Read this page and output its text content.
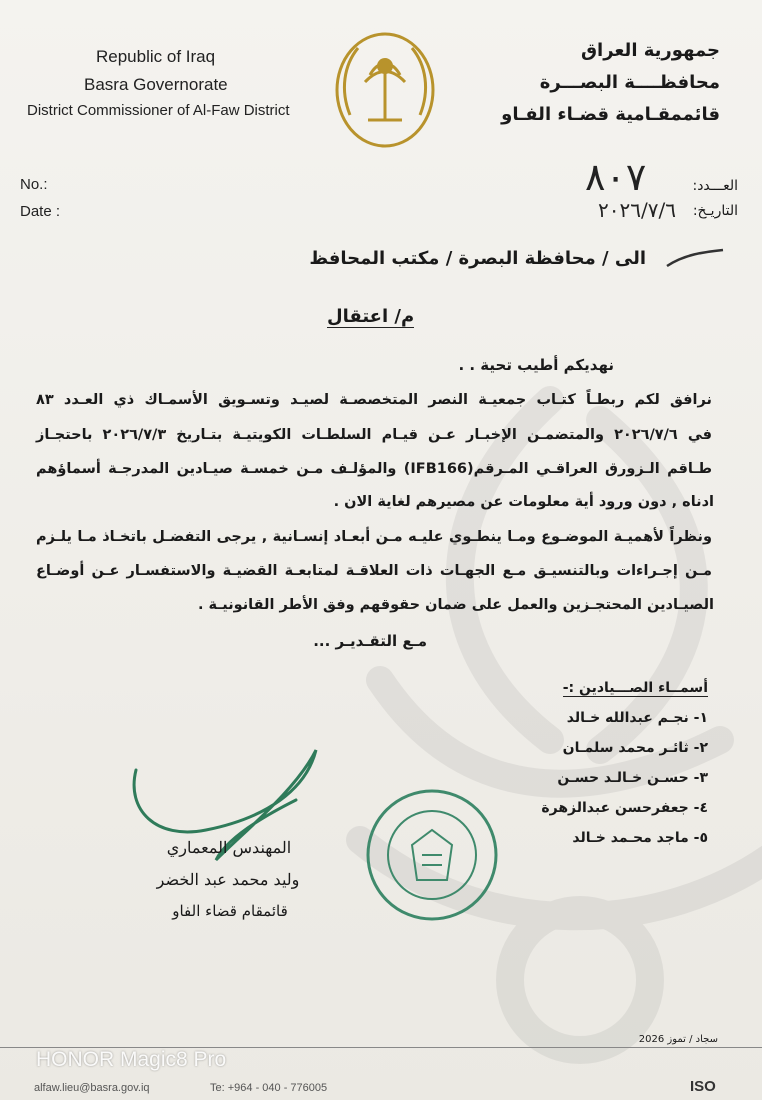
Republic of Iraq
Basra Governorate
District Commissioner of Al-Faw District
جمهورية العراق
محافظــــة البصـــرة
قائممقـامية قضـاء الفـاو
No.:
Date :
العـــدد:
التاريـخ:
٨٠٧
٢٠٢٦/٧/٦
الى / محافظة البصرة / مكتب المحافظ
م/ اعتقال
نهديكم أطيب تحية . .
نرافق لكم ربطـاً كتـاب جمعيـة النصر المتخصصـة لصيـد وتسـويق الأسمـاك ذي العـدد ٨٣
في ٢٠٢٦/٧/٦ والمتضمـن الإخبـار عـن قيـام السلطـات الكويتيـة بتـاريخ ٢٠٢٦/٧/٣ باحتجـاز
طـاقم الـزورق العراقـي المـرقم(IFB166) والمؤلـف مـن خمسـة صيـادين المدرجـة أسماؤهم
ادناه , دون ورود أية معلومات عن مصيرهم لغاية الان .
ونظراً لأهميـة الموضـوع ومـا ينطـوي عليـه مـن أبعـاد إنسـانية , يرجى التفضـل باتخـاذ مـا يلـزم
مـن إجـراءات وبالتنسيـق مـع الجهـات ذات العلاقـة لمتابعـة القضيـة والاستفسـار عـن أوضـاع
الصيـادين المحتجـزين والعمل على ضمان حقوقهم وفق الأطر القانونيـة .
مـع التقـديـر ...
أسمــاء الصـــيادين :-
١- نجـم عبدالله خـالد
٢- ثائـر محمد سلمـان
٣- حسـن خـالـد حسـن
٤- جعفرحسن عبدالزهرة
٥- ماجد محـمد خـالد
المهندس المعماري
وليد محمد عبد الخضر
قائمقام قضاء الفاو
سجاد / تموز 2026
alfaw.lieu@basra.gov.iq	Te: +964 - 040 - 776005	ISO
HONOR Magic8 Pro
